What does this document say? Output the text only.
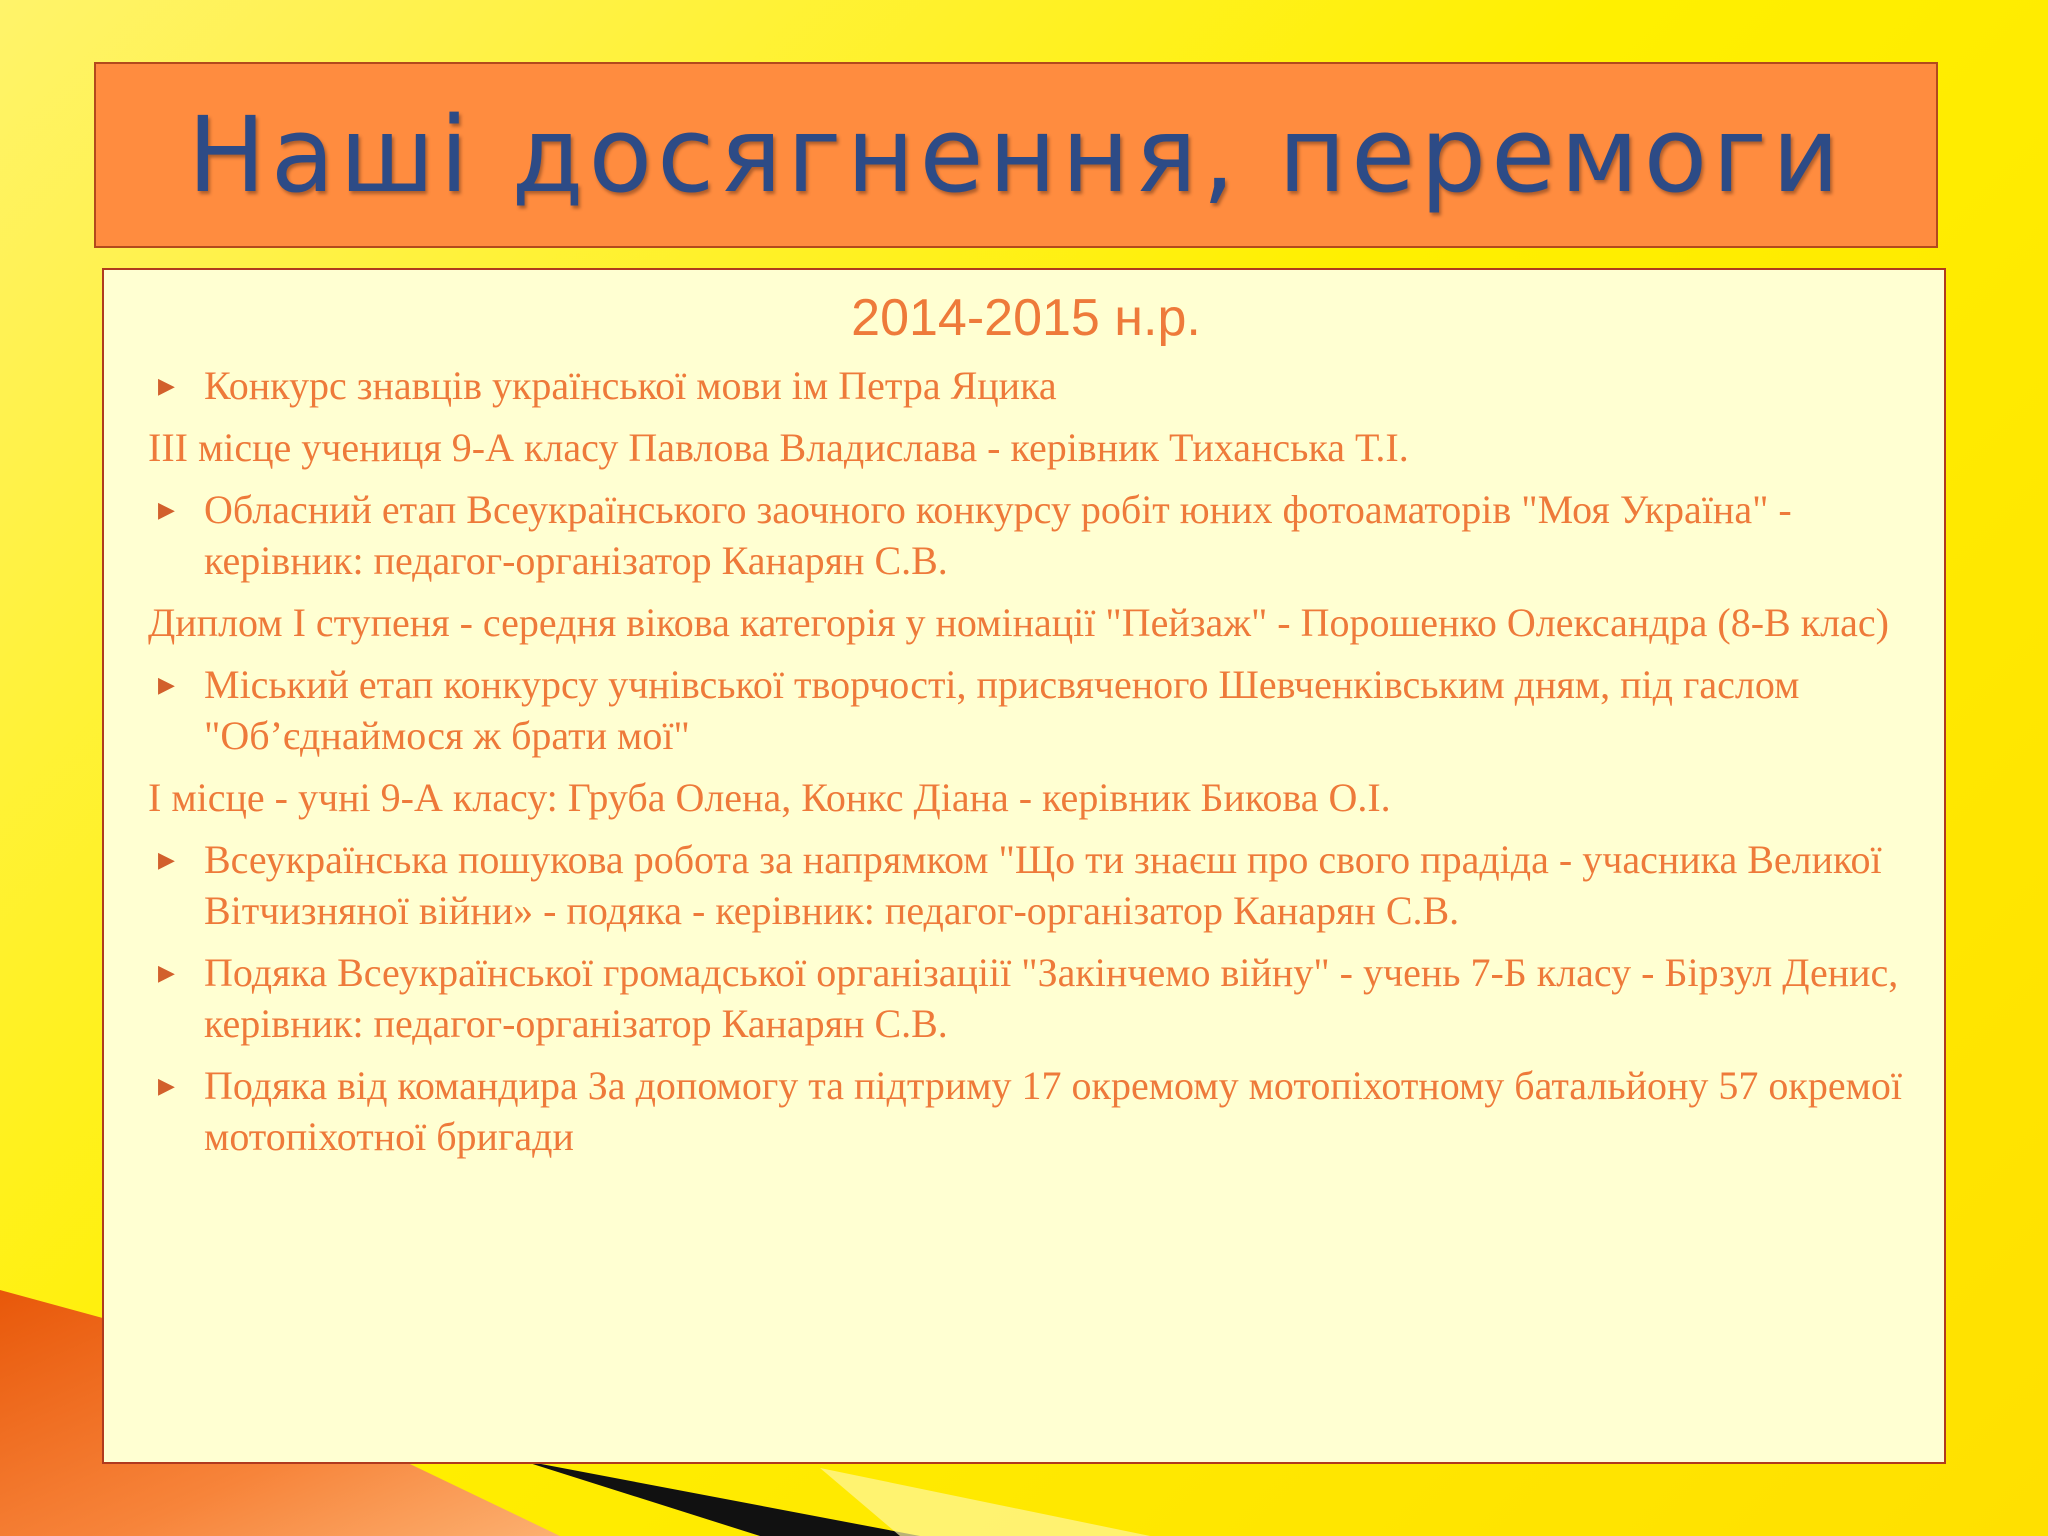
Наші досягнення, перемоги
2014-2015 н.р.
▶ Конкурс знавців української мови ім Петра Яцика
ІІІ місце учениця 9-А класу Павлова Владислава - керівник Тиханська Т.І.
▶ Обласний етап Всеукраїнського заочного конкурсу робіт юних фотоаматорів "Моя Україна" - керівник: педагог-організатор Канарян С.В.
Диплом І ступеня - середня вікова категорія у номінації "Пейзаж" - Порошенко Олександра (8-В клас)
▶ Міський етап конкурсу учнівської творчості, присвяченого Шевченківським дням, під гаслом "Об’єднаймося ж брати мої"
І місце - учні 9-А класу: Груба Олена, Конкс Діана - керівник Бикова О.І.
▶ Всеукраїнська пошукова робота за напрямком "Що ти знаєш про свого прадіда - учасника Великої Вітчизняної війни» - подяка - керівник: педагог-організатор Канарян С.В.
▶ Подяка Всеукраїнської громадської організаціії "Закінчемо війну" - учень 7-Б класу - Бірзул Денис, керівник: педагог-організатор Канарян С.В.
▶ Подяка від командира За допомогу та підтриму 17 окремому мотопіхотному батальйону 57 окремої мотопіхотної бригади
